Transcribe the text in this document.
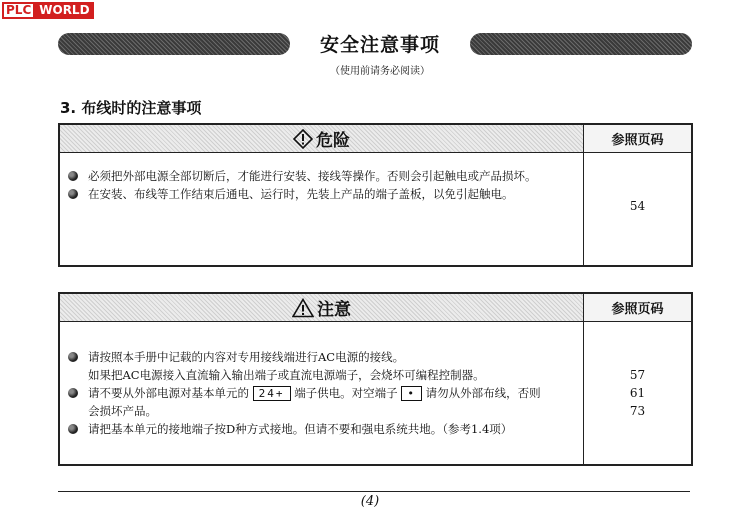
PLC WORLD
安全注意事项
（使用前请务必阅读）
3. 布线时的注意事项
危险	参照页码
必须把外部电源全部切断后，才能进行安装、接线等操作。否则会引起触电或产品损坏。
在安装、布线等工作结束后通电、运行时，先装上产品的端子盖板，以免引起触电。
54
注意	参照页码
请按照本手册中记载的内容对专用接线端进行AC电源的接线。
如果把AC电源接入直流输入输出端子或直流电源端子，会烧坏可编程控制器。
请不要从外部电源对基本单元的 24+ 端子供电。对空端子 • 请勿从外部布线，否则
会损坏产品。
请把基本单元的接地端子按D种方式接地。但请不要和强电系统共地。（参考1.4项）
57
61
73
(4)
